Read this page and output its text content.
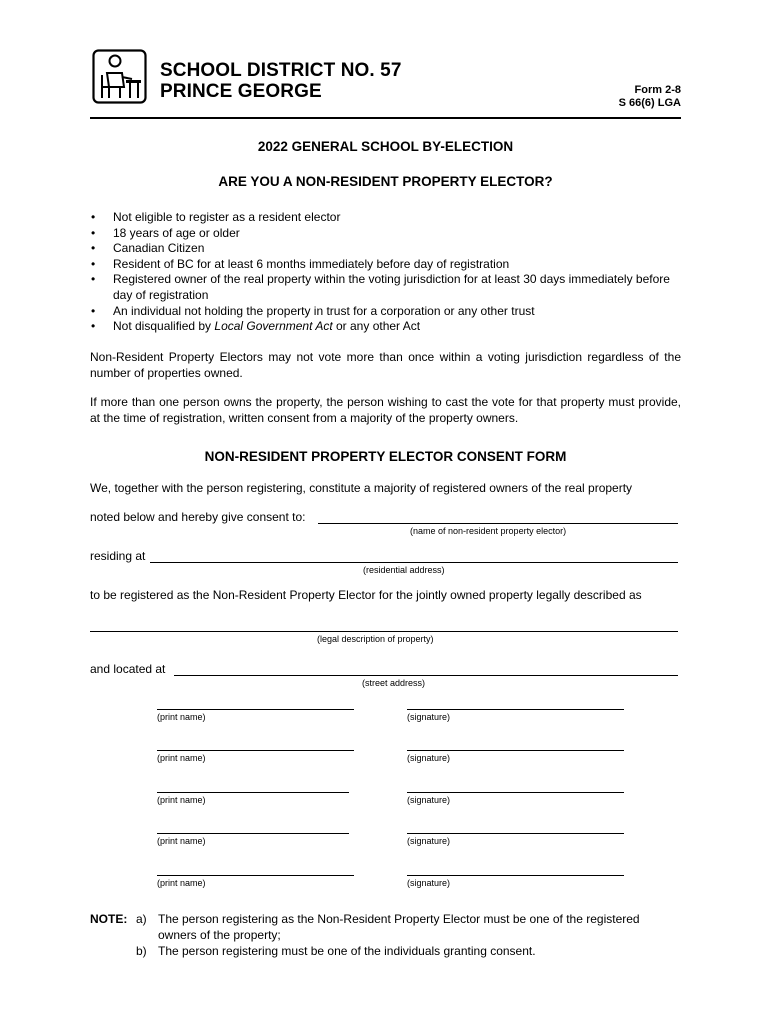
SCHOOL DISTRICT NO. 57
PRINCE GEORGE	Form 2-8
S 66(6) LGA
2022 GENERAL SCHOOL BY-ELECTION
ARE YOU A NON-RESIDENT PROPERTY ELECTOR?
• Not eligible to register as a resident elector
• 18 years of age or older
• Canadian Citizen
• Resident of BC for at least 6 months immediately before day of registration
• Registered owner of the real property within the voting jurisdiction for at least 30 days immediately before day of registration
• An individual not holding the property in trust for a corporation or any other trust
• Not disqualified by Local Government Act or any other Act
Non-Resident Property Electors may not vote more than once within a voting jurisdiction regardless of the number of properties owned.
If more than one person owns the property, the person wishing to cast the vote for that property must provide, at the time of registration, written consent from a majority of the property owners.
NON-RESIDENT PROPERTY ELECTOR CONSENT FORM
We, together with the person registering, constitute a majority of registered owners of the real property
noted below and hereby give consent to:
(name of non-resident property elector)
residing at
(residential address)
to be registered as the Non-Resident Property Elector for the jointly owned property legally described as
(legal description of property)
and located at
(street address)
(print name)	(signature)
(print name)	(signature)
(print name)	(signature)
(print name)	(signature)
(print name)	(signature)
NOTE: a) The person registering as the Non-Resident Property Elector must be one of the registered owners of the property;
b) The person registering must be one of the individuals granting consent.
